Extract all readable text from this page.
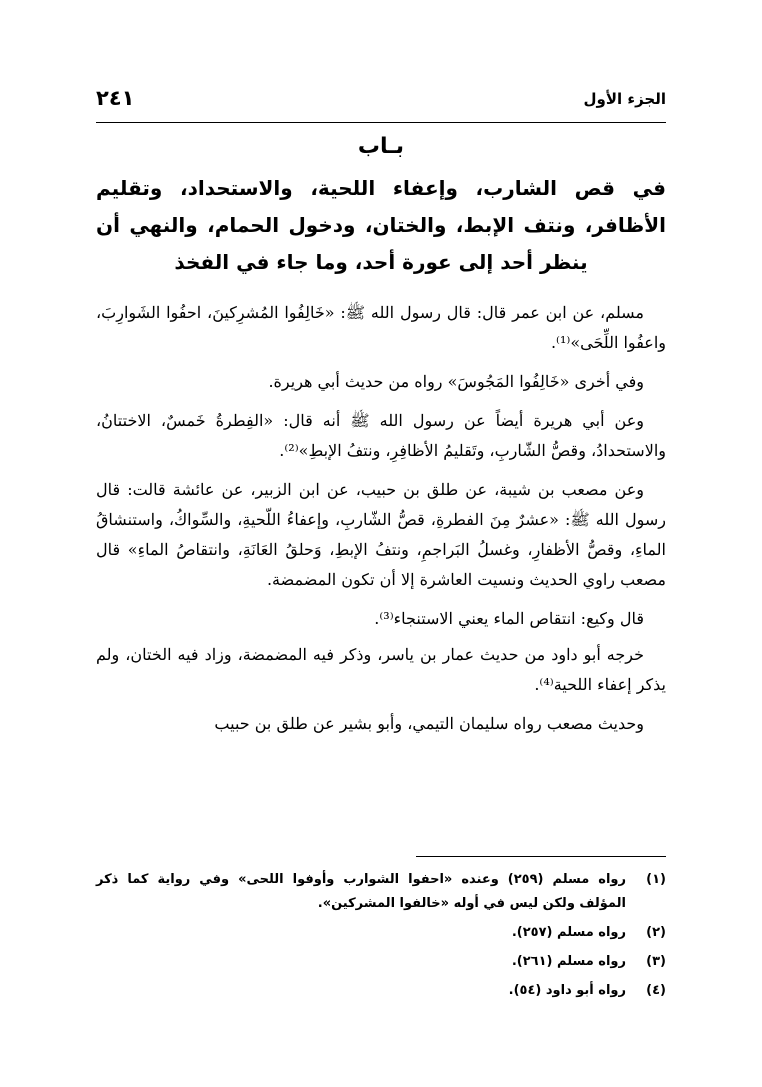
الجزء الأول
٢٤١
بـاب
في قص الشارب، وإعفاء اللحية، والاستحداد، وتقليم الأظافر، ونتف الإبط، والختان، ودخول الحمام، والنهي أن ينظر أحد إلى عورة أحد، وما جاء في الفخذ

مسلم، عن ابن عمر قال: قال رسول الله ﷺ: «خَالِفُوا المُشرِكينَ، احفُوا الشَوارِبَ، واعفُوا اللِّحَى»⁽¹⁾.

وفي أخرى «خَالِفُوا المَجُوسَ» رواه من حديث أبي هريرة.

وعن أبي هريرة أيضاً عن رسول الله ﷺ أنه قال: «الفِطرةُ خَمسٌ، الاختتانُ، والاستحدادُ، وقصُّ الشّاربِ، وتَقليمُ الأظافِرِ، ونتفُ الإبطِ»⁽²⁾.

وعن مصعب بن شيبة، عن طلق بن حبيب، عن ابن الزبير، عن عائشة قالت: قال رسول الله ﷺ: «عشرٌ مِنَ الفطرةِ، قصُّ الشّاربِ، وإعفاءُ اللّحيةِ، والسِّواكُ، واستنشاقُ الماءِ، وقصُّ الأظفارِ، وغسلُ البَراجمِ، ونتفُ الإبطِ، وَحلقُ العَانَةِ، وانتقاصُ الماءِ» قال مصعب راوي الحديث ونسيت العاشرة إلا أن تكون المضمضة.

قال وكيع: انتقاص الماء يعني الاستنجاء⁽³⁾.

خرجه أبو داود من حديث عمار بن ياسر، وذكر فيه المضمضة، وزاد فيه الختان، ولم يذكر إعفاء اللحية⁽⁴⁾.

وحديث مصعب رواه سليمان التيمي، وأبو بشير عن طلق بن حبيب

(١)
رواه مسلم (٢٥٩) وعنده «احفوا الشوارب وأوفوا اللحى» وفي رواية كما ذكر المؤلف ولكن ليس في أوله «خالفوا المشركين».
(٢)
رواه مسلم (٢٥٧).
(٣)
رواه مسلم (٢٦١).
(٤)
رواه أبو داود (٥٤).
